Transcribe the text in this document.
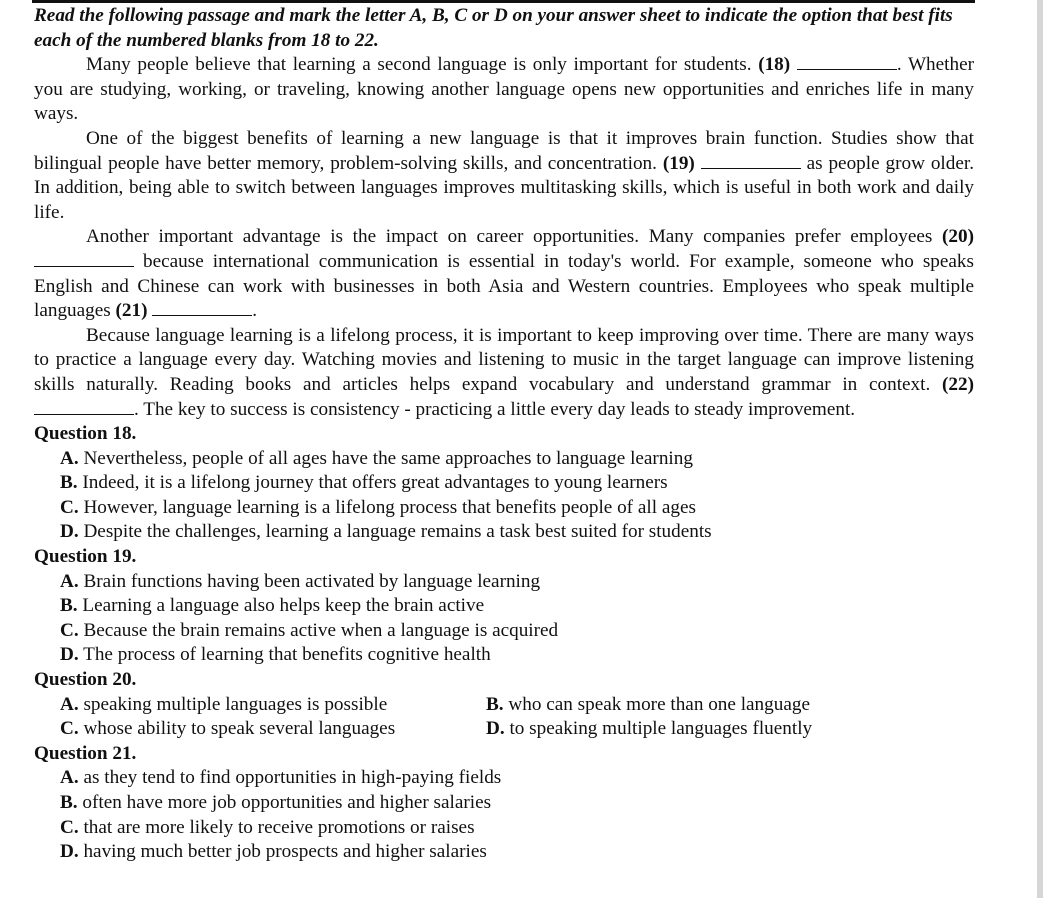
Read the following passage and mark the letter A, B, C or D on your answer sheet to indicate the option that best fits each of the numbered blanks from 18 to 22.

Many people believe that learning a second language is only important for students. (18)	. Whether you are studying, working, or traveling, knowing another language opens new opportunities and enriches life in many ways.

One of the biggest benefits of learning a new language is that it improves brain function. Studies show that bilingual people have better memory, problem-solving skills, and concentration. (19)	as people grow older. In addition, being able to switch between languages improves multitasking skills, which is useful in both work and daily life.

Another important advantage is the impact on career opportunities. Many companies prefer employees (20)  because international communication is essential in today's world. For example, someone who speaks English and Chinese can work with businesses in both Asia and Western countries. Employees who speak multiple languages (21)	.

Because language learning is a lifelong process, it is important to keep improving over time. There are many ways to practice a language every day. Watching movies and listening to music in the target language can improve listening skills naturally. Reading books and articles helps expand vocabulary and understand grammar in context. (22) . The key to success is consistency - practicing a little every day leads to steady improvement.

Question 18.

A. Nevertheless, people of all ages have the same approaches to language learning

B. Indeed, it is a lifelong journey that offers great advantages to young learners

C. However, language learning is a lifelong process that benefits people of all ages

D. Despite the challenges, learning a language remains a task best suited for students

Question 19.

A. Brain functions having been activated by language learning

B. Learning a language also helps keep the brain active

C. Because the brain remains active when a language is acquired

D. The process of learning that benefits cognitive health

Question 20.

A. speaking multiple languages is possible	B. who can speak more than one language
C. whose ability to speak several languages	D. to speaking multiple languages fluently

Question 21.

A. as they tend to find opportunities in high-paying fields

B. often have more job opportunities and higher salaries

C. that are more likely to receive promotions or raises

D. having much better job prospects and higher salaries
